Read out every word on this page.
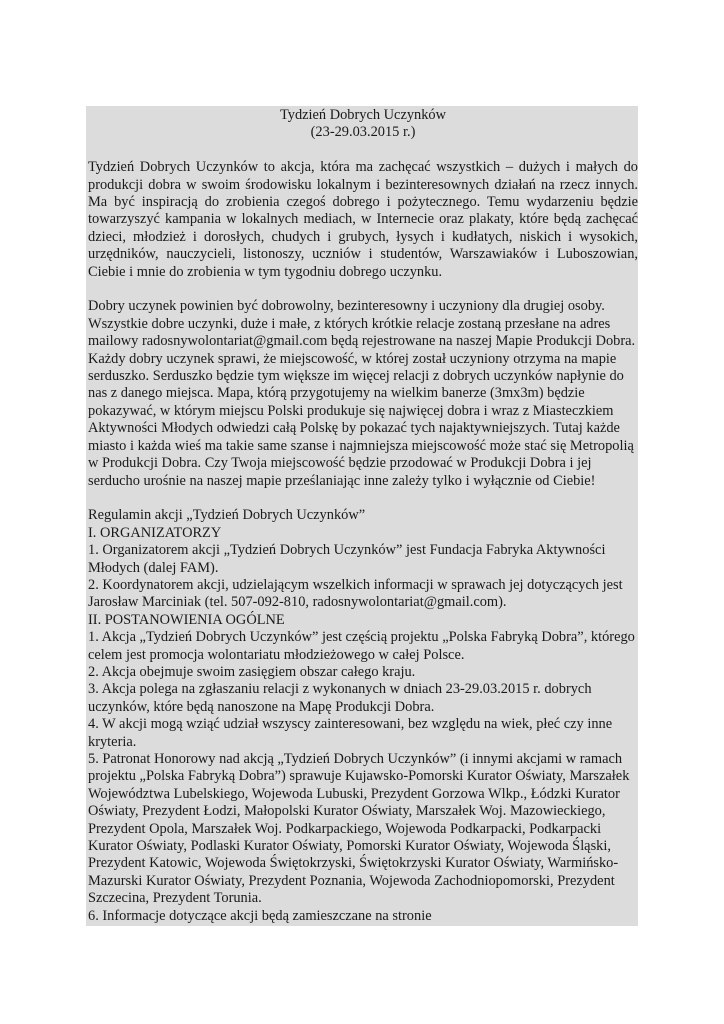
Tydzień Dobrych Uczynków
(23-29.03.2015 r.)

Tydzień Dobrych Uczynków to akcja, która ma zachęcać wszystkich – dużych i małych do produkcji dobra w swoim środowisku lokalnym i bezinteresownych działań na rzecz innych. Ma być inspiracją do zrobienia czegoś dobrego i pożytecznego. Temu wydarzeniu będzie towarzyszyć kampania w lokalnych mediach, w Internecie oraz plakaty, które będą zachęcać dzieci, młodzież i dorosłych, chudych i grubych, łysych i kudłatych, niskich i wysokich, urzędników, nauczycieli, listonoszy, uczniów i studentów, Warszawiaków i Luboszowian, Ciebie i mnie do zrobienia w tym tygodniu dobrego uczynku.

Dobry uczynek powinien być dobrowolny, bezinteresowny i uczyniony dla drugiej osoby. Wszystkie dobre uczynki, duże i małe, z których krótkie relacje zostaną przesłane na adres mailowy radosnywolontariat@gmail.com będą rejestrowane na naszej Mapie Produkcji Dobra. Każdy dobry uczynek sprawi, że miejscowość, w której został uczyniony otrzyma na mapie serduszko. Serduszko będzie tym większe im więcej relacji z dobrych uczynków napłynie do nas z danego miejsca. Mapa, którą przygotujemy na wielkim banerze (3mx3m) będzie pokazywać, w którym miejscu Polski produkuje się najwięcej dobra i wraz z Miasteczkiem Aktywności Młodych odwiedzi całą Polskę by pokazać tych najaktywniejszych. Tutaj każde miasto i każda wieś ma takie same szanse i najmniejsza miejscowość może stać się Metropolią w Produkcji Dobra. Czy Twoja miejscowość będzie przodować w Produkcji Dobra i jej serducho urośnie na naszej mapie prześlaniając inne zależy tylko i wyłącznie od Ciebie!

Regulamin akcji „Tydzień Dobrych Uczynków”
I. ORGANIZATORZY
1. Organizatorem akcji „Tydzień Dobrych Uczynków” jest Fundacja Fabryka Aktywności Młodych (dalej FAM).
2. Koordynatorem akcji, udzielającym wszelkich informacji w sprawach jej dotyczących jest Jarosław Marciniak (tel. 507-092-810, radosnywolontariat@gmail.com).
II. POSTANOWIENIA OGÓLNE
1. Akcja „Tydzień Dobrych Uczynków” jest częścią projektu „Polska Fabryką Dobra”, którego celem jest promocja wolontariatu młodzieżowego w całej Polsce.
2. Akcja obejmuje swoim zasięgiem obszar całego kraju.
3. Akcja polega na zgłaszaniu relacji z wykonanych w dniach 23-29.03.2015 r. dobrych uczynków, które będą nanoszone na Mapę Produkcji Dobra.
4. W akcji mogą wziąć udział wszyscy zainteresowani, bez względu na wiek, płeć czy inne kryteria.
5. Patronat Honorowy nad akcją „Tydzień Dobrych Uczynków” (i innymi akcjami w ramach projektu „Polska Fabryką Dobra”) sprawuje Kujawsko-Pomorski Kurator Oświaty, Marszałek Województwa Lubelskiego, Wojewoda Lubuski, Prezydent Gorzowa Wlkp., Łódzki Kurator Oświaty, Prezydent Łodzi, Małopolski Kurator Oświaty, Marszałek Woj. Mazowieckiego, Prezydent Opola, Marszałek Woj. Podkarpackiego, Wojewoda Podkarpacki, Podkarpacki Kurator Oświaty, Podlaski Kurator Oświaty, Pomorski Kurator Oświaty, Wojewoda Śląski, Prezydent Katowic, Wojewoda Świętokrzyski, Świętokrzyski Kurator Oświaty, Warmińsko-Mazurski Kurator Oświaty, Prezydent Poznania, Wojewoda Zachodniopomorski, Prezydent Szczecina, Prezydent Torunia.
6. Informacje dotyczące akcji będą zamieszczane na stronie
